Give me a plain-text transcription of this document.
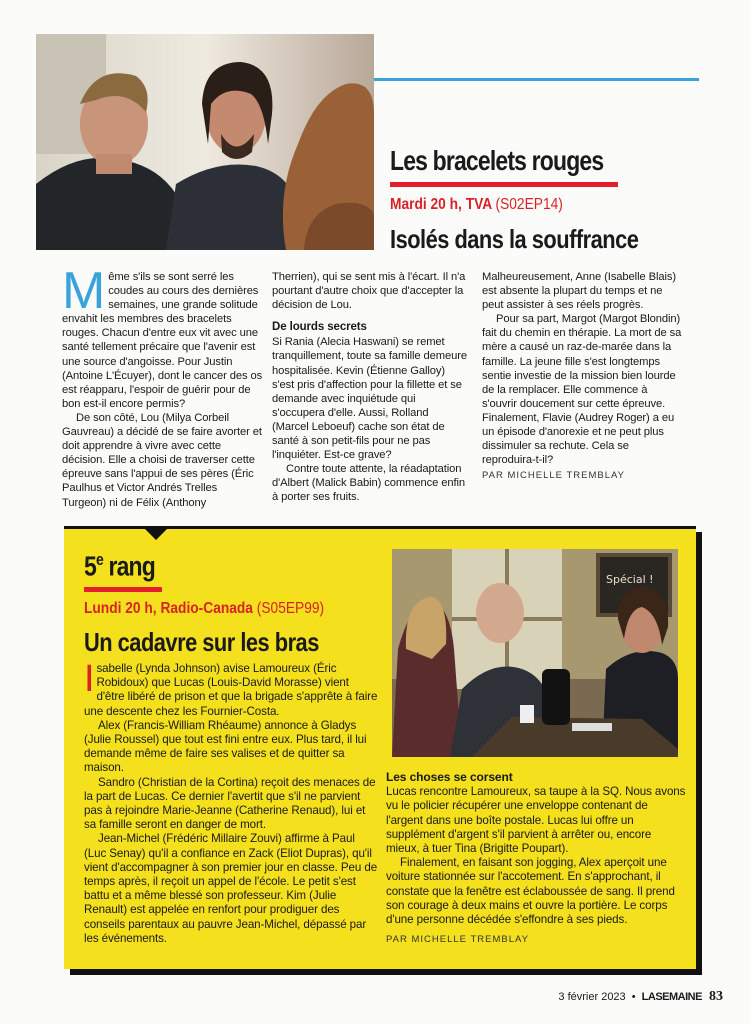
Les bracelets rouges
Mardi 20 h, TVA (S02EP14)
Isolés dans la souffrance

Même s'ils se sont serré les coudes au cours des dernières semaines, une grande solitude envahit les membres des bracelets rouges. Chacun d'entre eux vit avec une santé tellement précaire que l'avenir est une source d'angoisse. Pour Justin (Antoine L'Écuyer), dont le cancer des os est réapparu, l'espoir de guérir pour de bon est-il encore permis?

De son côté, Lou (Milya Corbeil Gauvreau) a décidé de se faire avorter et doit apprendre à vivre avec cette décision. Elle a choisi de traverser cette épreuve sans l'appui de ses pères (Éric Paulhus et Victor Andrés Trelles Turgeon) ni de Félix (Anthony

Therrien), qui se sent mis à l'écart. Il n'a pourtant d'autre choix que d'accepter la décision de Lou.

De lourds secrets

Si Rania (Alecia Haswani) se remet tranquillement, toute sa famille demeure hospitalisée. Kevin (Étienne Galloy) s'est pris d'affection pour la fillette et se demande avec inquiétude qui s'occupera d'elle. Aussi, Rolland (Marcel Leboeuf) cache son état de santé à son petit-fils pour ne pas l'inquiéter. Est-ce grave?

Contre toute attente, la réadaptation d'Albert (Malick Babin) commence enfin à porter ses fruits.

Malheureusement, Anne (Isabelle Blais) est absente la plupart du temps et ne peut assister à ses réels progrès.

Pour sa part, Margot (Margot Blondin) fait du chemin en thérapie. La mort de sa mère a causé un raz-de-marée dans la famille. La jeune fille s'est longtemps sentie investie de la mission bien lourde de la remplacer. Elle commence à s'ouvrir doucement sur cette épreuve. Finalement, Flavie (Audrey Roger) a eu un épisode d'anorexie et ne peut plus dissimuler sa rechute. Cela se reproduira-t-il?

PAR MICHELLE TREMBLAY
5e rang
Lundi 20 h, Radio-Canada (S05EP99)
Un cadavre sur les bras
Spécial !

Isabelle (Lynda Johnson) avise Lamoureux (Éric Robidoux) que Lucas (Louis-David Morasse) vient d'être libéré de prison et que la brigade s'apprête à faire une descente chez les Fournier-Costa.

Alex (Francis-William Rhéaume) annonce à Gladys (Julie Roussel) que tout est fini entre eux. Plus tard, il lui demande même de faire ses valises et de quitter sa maison.

Sandro (Christian de la Cortina) reçoit des menaces de la part de Lucas. Ce dernier l'avertit que s'il ne parvient pas à rejoindre Marie-Jeanne (Catherine Renaud), lui et sa famille seront en danger de mort.

Jean-Michel (Frédéric Millaire Zouvi) affirme à Paul (Luc Senay) qu'il a confiance en Zack (Eliot Dupras), qu'il vient d'accompagner à son premier jour en classe. Peu de temps après, il reçoit un appel de l'école. Le petit s'est battu et a même blessé son professeur. Kim (Julie Renault) est appelée en renfort pour prodiguer des conseils parentaux au pauvre Jean-Michel, dépassé par les événements.

Les choses se corsent

Lucas rencontre Lamoureux, sa taupe à la SQ. Nous avons vu le policier récupérer une enveloppe contenant de l'argent dans une boîte postale. Lucas lui offre un supplément d'argent s'il parvient à arrêter ou, encore mieux, à tuer Tina (Brigitte Poupart).

Finalement, en faisant son jogging, Alex aperçoit une voiture stationnée sur l'accotement. En s'approchant, il constate que la fenêtre est éclaboussée de sang. Il prend son courage à deux mains et ouvre la portière. Le corps d'une personne décédée s'effondre à ses pieds.

PAR MICHELLE TREMBLAY
3 février 2023 • LASEMAINE 83
